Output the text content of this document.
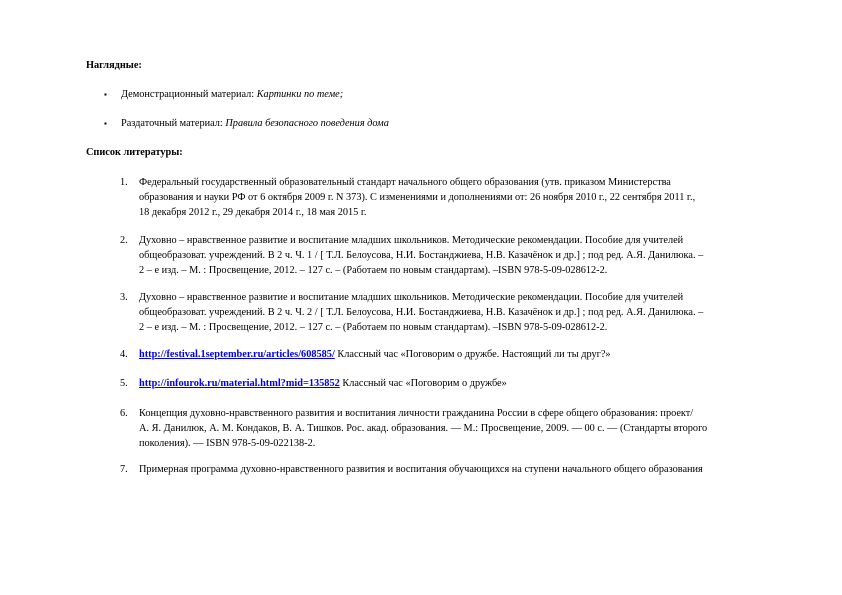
Наглядные:
▪ Демонстрационный материал: Картинки по теме;
▪ Раздаточный материал: Правила безопасного поведения дома
Список литературы:
1.	Федеральный государственный образовательный стандарт начального общего образования (утв. приказом Министерства
образования и науки РФ от 6 октября 2009 г. N 373). С изменениями и дополнениями от: 26 ноября 2010 г., 22 сентября 2011 г.,
18 декабря 2012 г., 29 декабря 2014 г., 18 мая 2015 г.
2.	Духовно – нравственное развитие и воспитание младших школьников. Методические рекомендации. Пособие для учителей
общеобразоват. учреждений. В 2 ч. Ч. 1 / [ Т.Л. Белоусова, Н.И. Бостанджиева, Н.В. Казачёнок и др.] ; под ред. А.Я. Данилюка. –
2 – е изд. – М. : Просвещение, 2012. – 127 с. – (Работаем по новым стандартам). –ISBN 978-5-09-028612-2.
3.	Духовно – нравственное развитие и воспитание младших школьников. Методические рекомендации. Пособие для учителей
общеобразоват. учреждений. В 2 ч. Ч. 2 / [ Т.Л. Белоусова, Н.И. Бостанджиева, Н.В. Казачёнок и др.] ; под ред. А.Я. Данилюка. –
2 – е изд. – М. : Просвещение, 2012. – 127 с. – (Работаем по новым стандартам). –ISBN 978-5-09-028612-2.
4.	http://festival.1september.ru/articles/608585/ Классный час «Поговорим о дружбе. Настоящий ли ты друг?»
5.	http://infourok.ru/material.html?mid=135852 Классный час «Поговорим о дружбе»
6.	Концепция духовно-нравственного развития и воспитания личности гражданина России в сфере общего образования: проект/
А. Я. Данилюк, А. М. Кондаков, В. А. Тишков. Рос. акад. образования. — М.: Просвещение, 2009. — 00 с. — (Стандарты второго
поколения). — ISBN 978-5-09-022138-2.
7.	Примерная программа духовно-нравственного развития и воспитания обучающихся на ступени начального общего образования
